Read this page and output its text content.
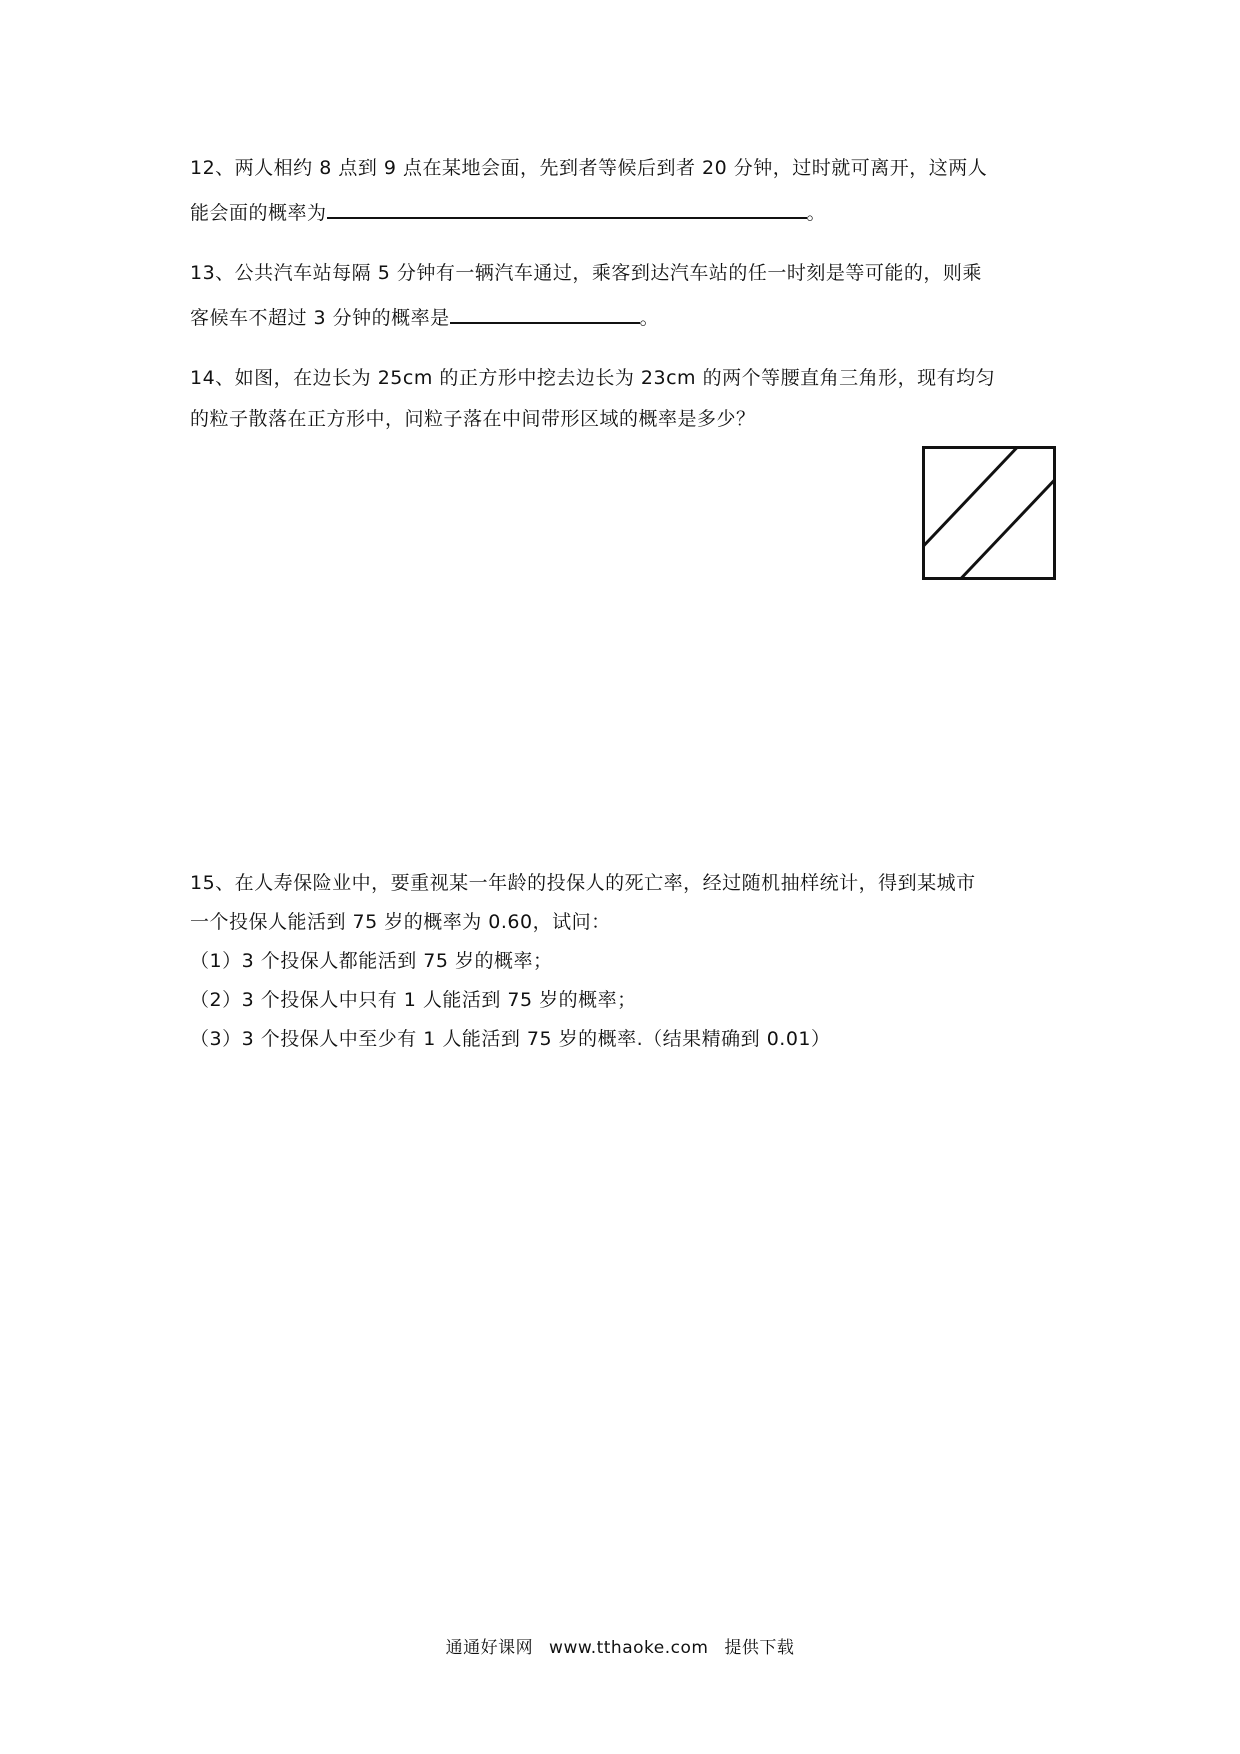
12、两人相约 8 点到 9 点在某地会面，先到者等候后到者 20 分钟，过时就可离开，这两人
能会面的概率为	。
13、公共汽车站每隔 5 分钟有一辆汽车通过，乘客到达汽车站的任一时刻是等可能的，则乘
客候车不超过 3 分钟的概率是	。
14、如图，在边长为 25cm 的正方形中挖去边长为 23cm 的两个等腰直角三角形，现有均匀
的粒子散落在正方形中，问粒子落在中间带形区域的概率是多少？
15、在人寿保险业中，要重视某一年龄的投保人的死亡率，经过随机抽样统计，得到某城市
一个投保人能活到 75 岁的概率为 0.60，试问：
（1）3 个投保人都能活到 75 岁的概率；
（2）3 个投保人中只有 1 人能活到 75 岁的概率；
（3）3 个投保人中至少有 1 人能活到 75 岁的概率.（结果精确到 0.01）
通通好课网 www.tthaoke.com 提供下载
